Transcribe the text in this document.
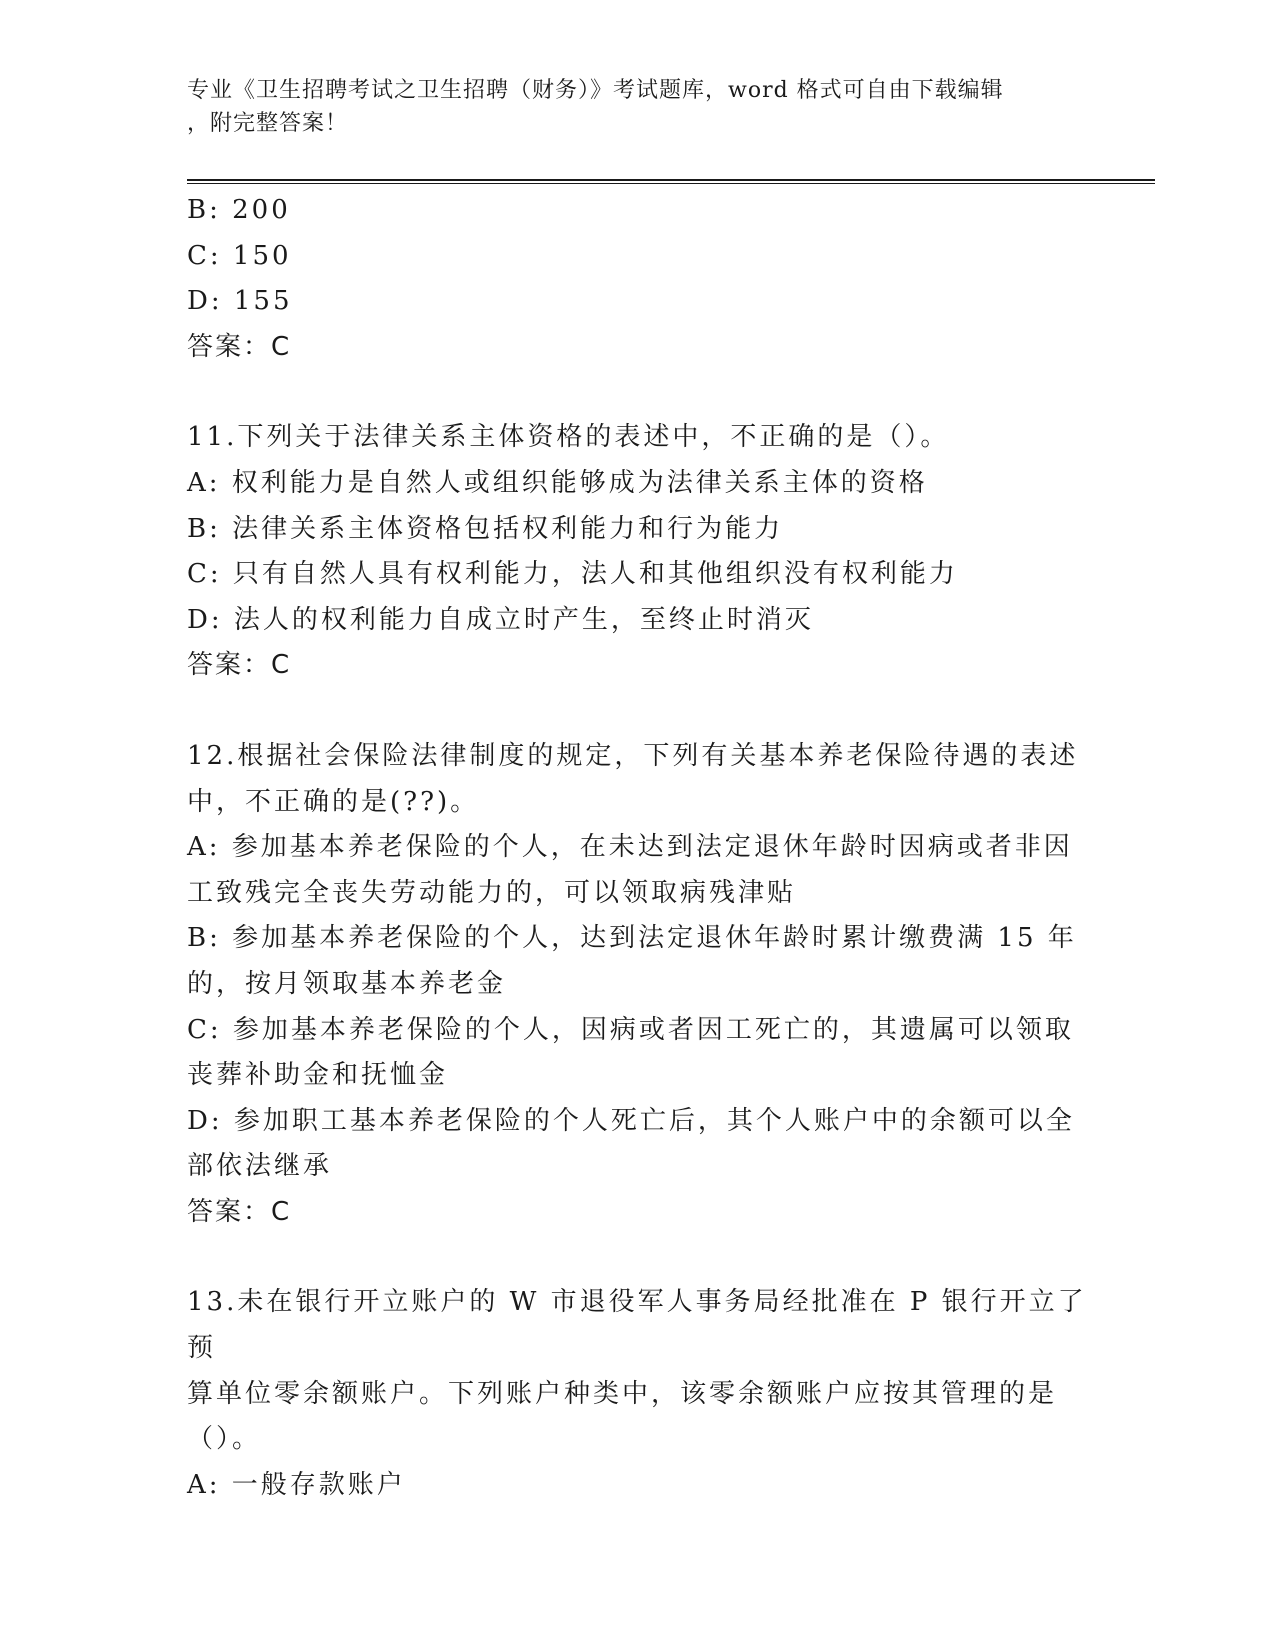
专业《卫生招聘考试之卫生招聘（财务）》考试题库，word 格式可自由下载编辑
，附完整答案！
B: 200
C: 150
D: 155
答案：C
11.下列关于法律关系主体资格的表述中，不正确的是（）。
A: 权利能力是自然人或组织能够成为法律关系主体的资格
B: 法律关系主体资格包括权利能力和行为能力
C: 只有自然人具有权利能力，法人和其他组织没有权利能力
D: 法人的权利能力自成立时产生，至终止时消灭
答案：C
12.根据社会保险法律制度的规定，下列有关基本养老保险待遇的表述
中，不正确的是(??)。
A: 参加基本养老保险的个人，在未达到法定退休年龄时因病或者非因
工致残完全丧失劳动能力的，可以领取病残津贴
B: 参加基本养老保险的个人，达到法定退休年龄时累计缴费满 15 年
的，按月领取基本养老金
C: 参加基本养老保险的个人，因病或者因工死亡的，其遗属可以领取
丧葬补助金和抚恤金
D: 参加职工基本养老保险的个人死亡后，其个人账户中的余额可以全
部依法继承
答案：C
13.未在银行开立账户的 W 市退役军人事务局经批准在 P 银行开立了预
算单位零余额账户。下列账户种类中，该零余额账户应按其管理的是
（）。
A: 一般存款账户
